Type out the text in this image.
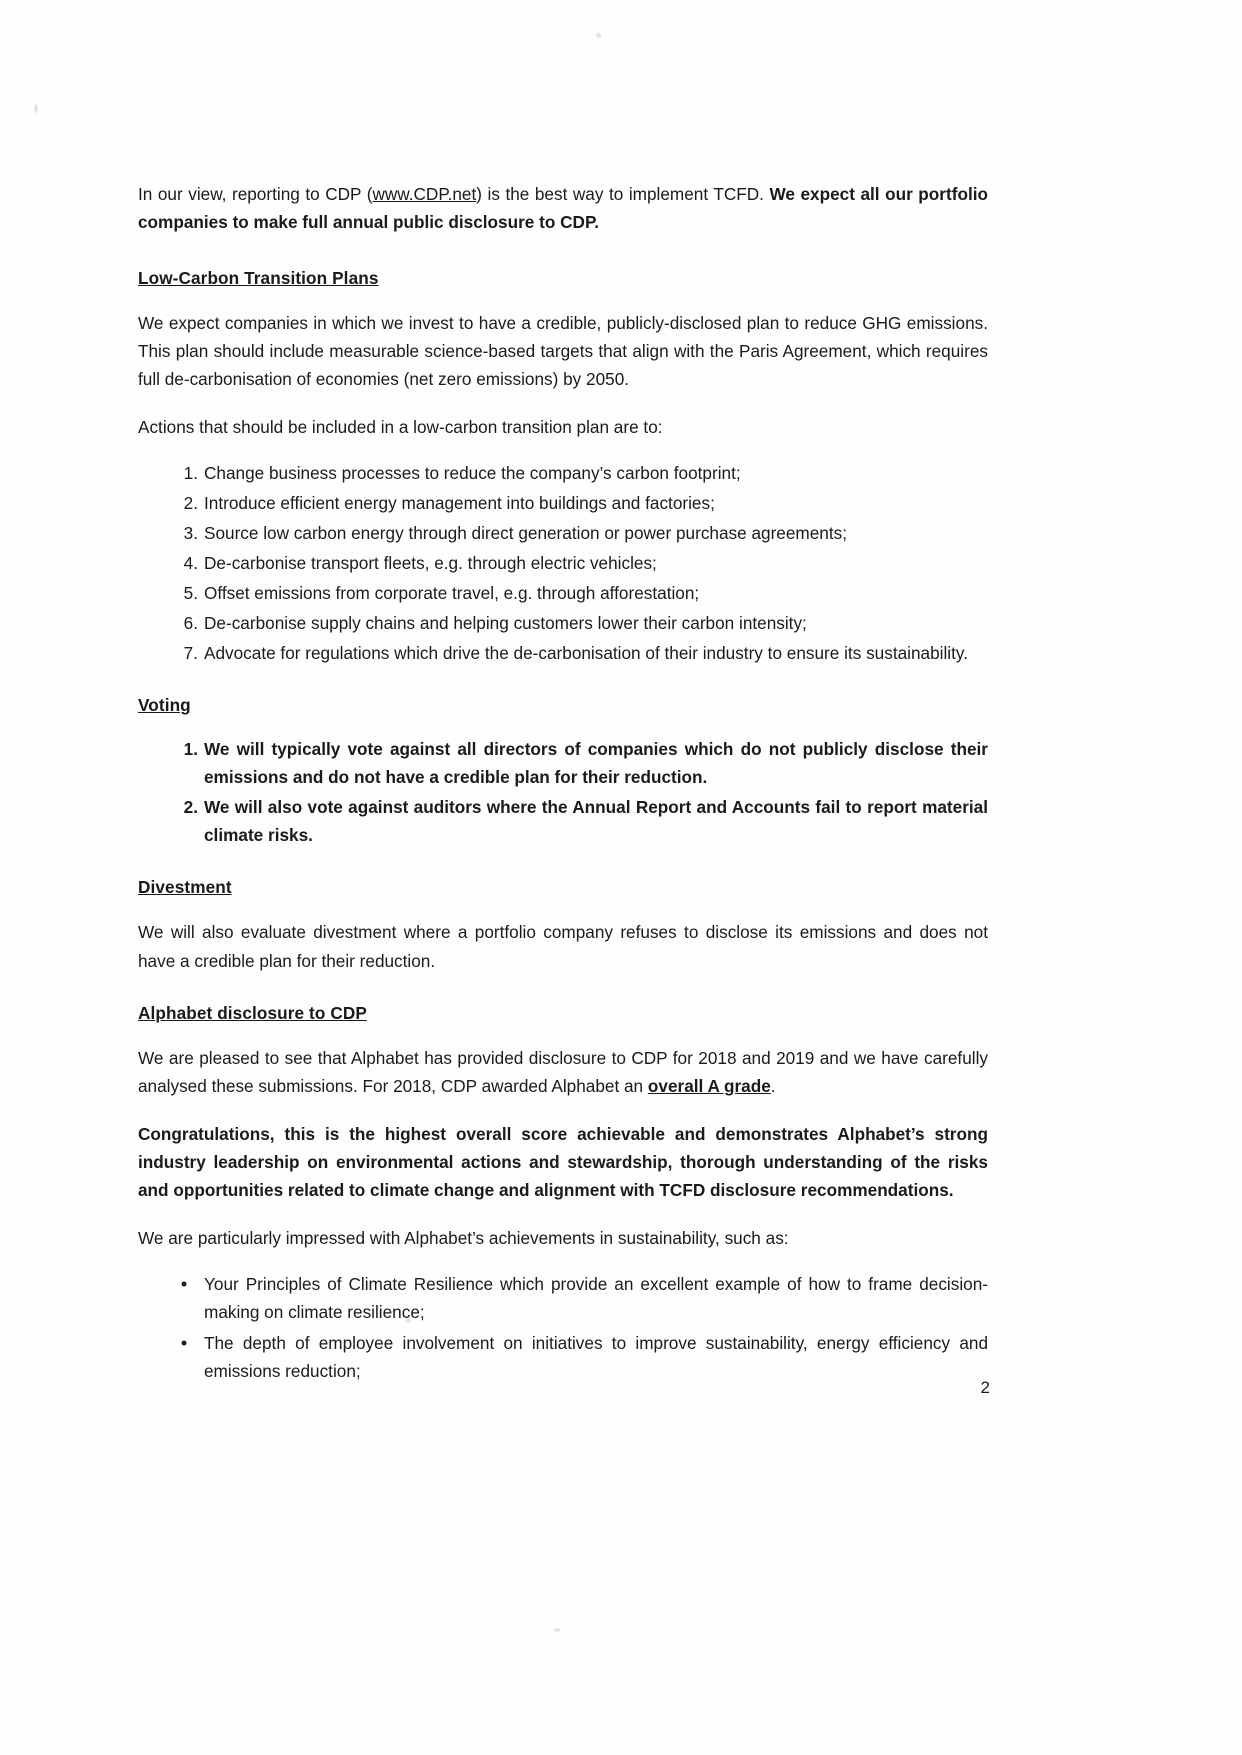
In our view, reporting to CDP (www.CDP.net) is the best way to implement TCFD. We expect all our portfolio companies to make full annual public disclosure to CDP.

Low-Carbon Transition Plans

We expect companies in which we invest to have a credible, publicly-disclosed plan to reduce GHG emissions. This plan should include measurable science-based targets that align with the Paris Agreement, which requires full de-carbonisation of economies (net zero emissions) by 2050.

Actions that should be included in a low-carbon transition plan are to:

Change business processes to reduce the company’s carbon footprint;
Introduce efficient energy management into buildings and factories;
Source low carbon energy through direct generation or power purchase agreements;
De-carbonise transport fleets, e.g. through electric vehicles;
Offset emissions from corporate travel, e.g. through afforestation;
De-carbonise supply chains and helping customers lower their carbon intensity;
Advocate for regulations which drive the de-carbonisation of their industry to ensure its sustainability.
Voting
We will typically vote against all directors of companies which do not publicly disclose their emissions and do not have a credible plan for their reduction.
We will also vote against auditors where the Annual Report and Accounts fail to report material climate risks.
Divestment

We will also evaluate divestment where a portfolio company refuses to disclose its emissions and does not have a credible plan for their reduction.

Alphabet disclosure to CDP

We are pleased to see that Alphabet has provided disclosure to CDP for 2018 and 2019 and we have carefully analysed these submissions. For 2018, CDP awarded Alphabet an overall A grade.

Congratulations, this is the highest overall score achievable and demonstrates Alphabet’s strong industry leadership on environmental actions and stewardship, thorough understanding of the risks and opportunities related to climate change and alignment with TCFD disclosure recommendations.

We are particularly impressed with Alphabet’s achievements in sustainability, such as:

• Your Principles of Climate Resilience which provide an excellent example of how to frame decision-making on climate resilience;
• The depth of employee involvement on initiatives to improve sustainability, energy efficiency and emissions reduction;
2
